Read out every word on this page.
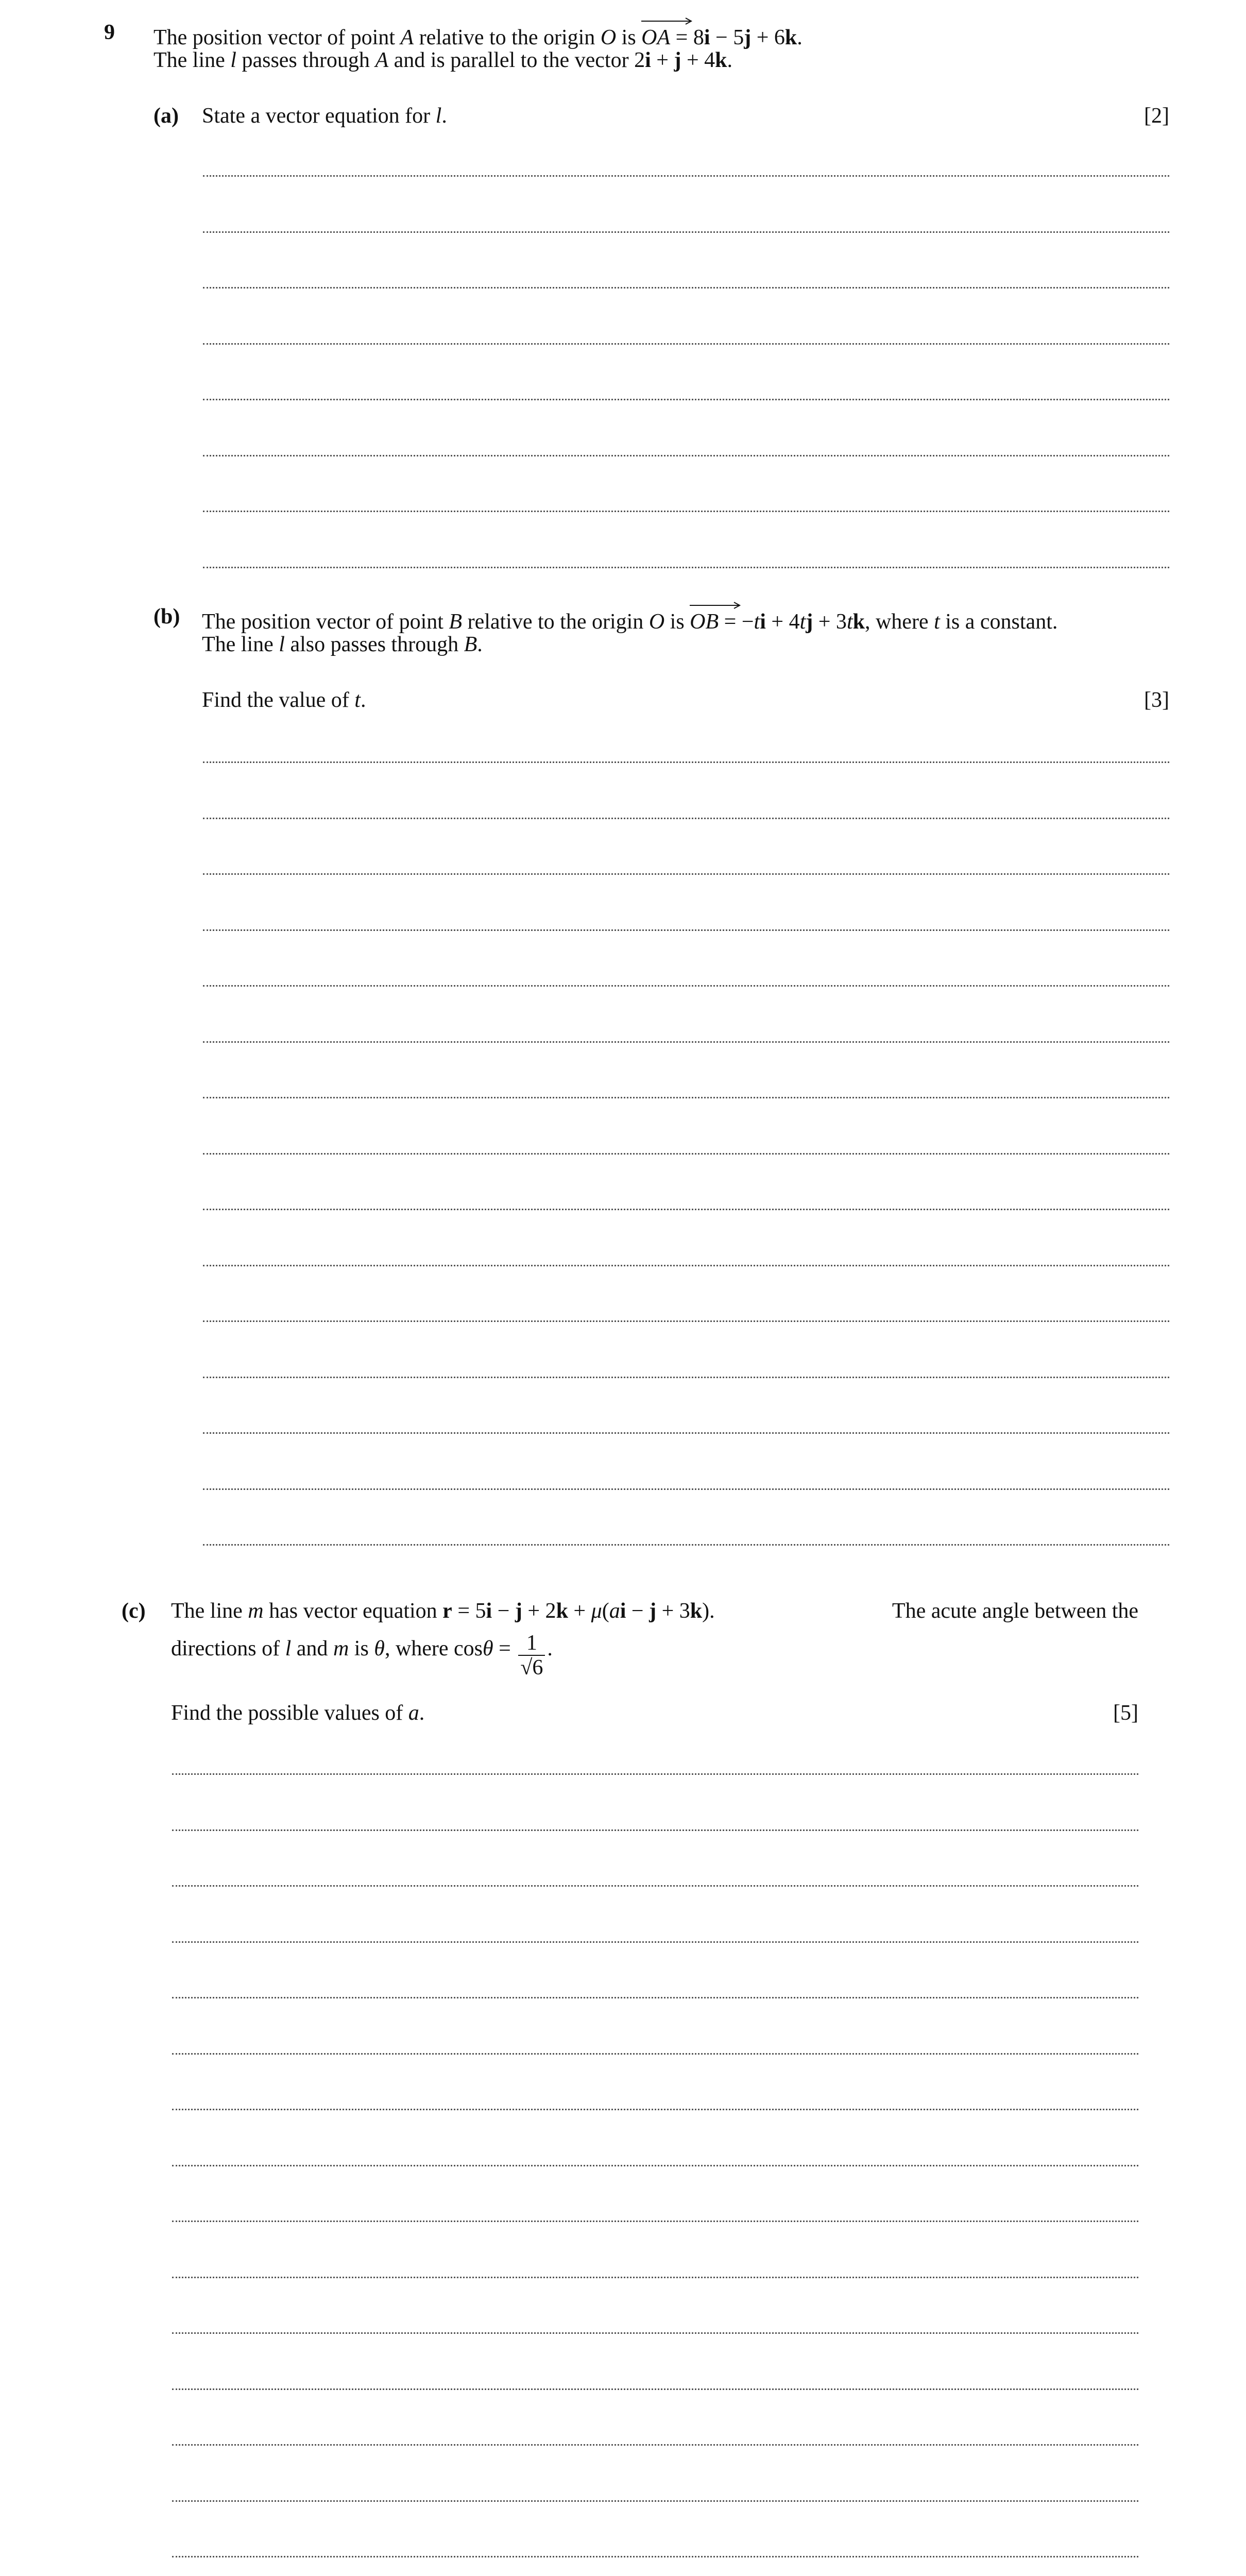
9 The position vector of point A relative to the origin O is
OA = 8i − 5j + 6k.
The line l passes through A and is parallel to the vector 2i + j + 4k.
(a) State a vector equation for l.	[2]
(b) The position vector of point B relative to the origin O is
OB = −ti + 4tj + 3tk, where t is a constant.
The line l also passes through B.
Find the value of t.	[3]
(c) The line m has vector equation r = 5i − j + 2k + μ(ai − j + 3k).	The acute angle between the
directions of l and m is θ, where $\cos\theta = \frac{1}{√6}$ .
Find the possible values of a.	[5]
